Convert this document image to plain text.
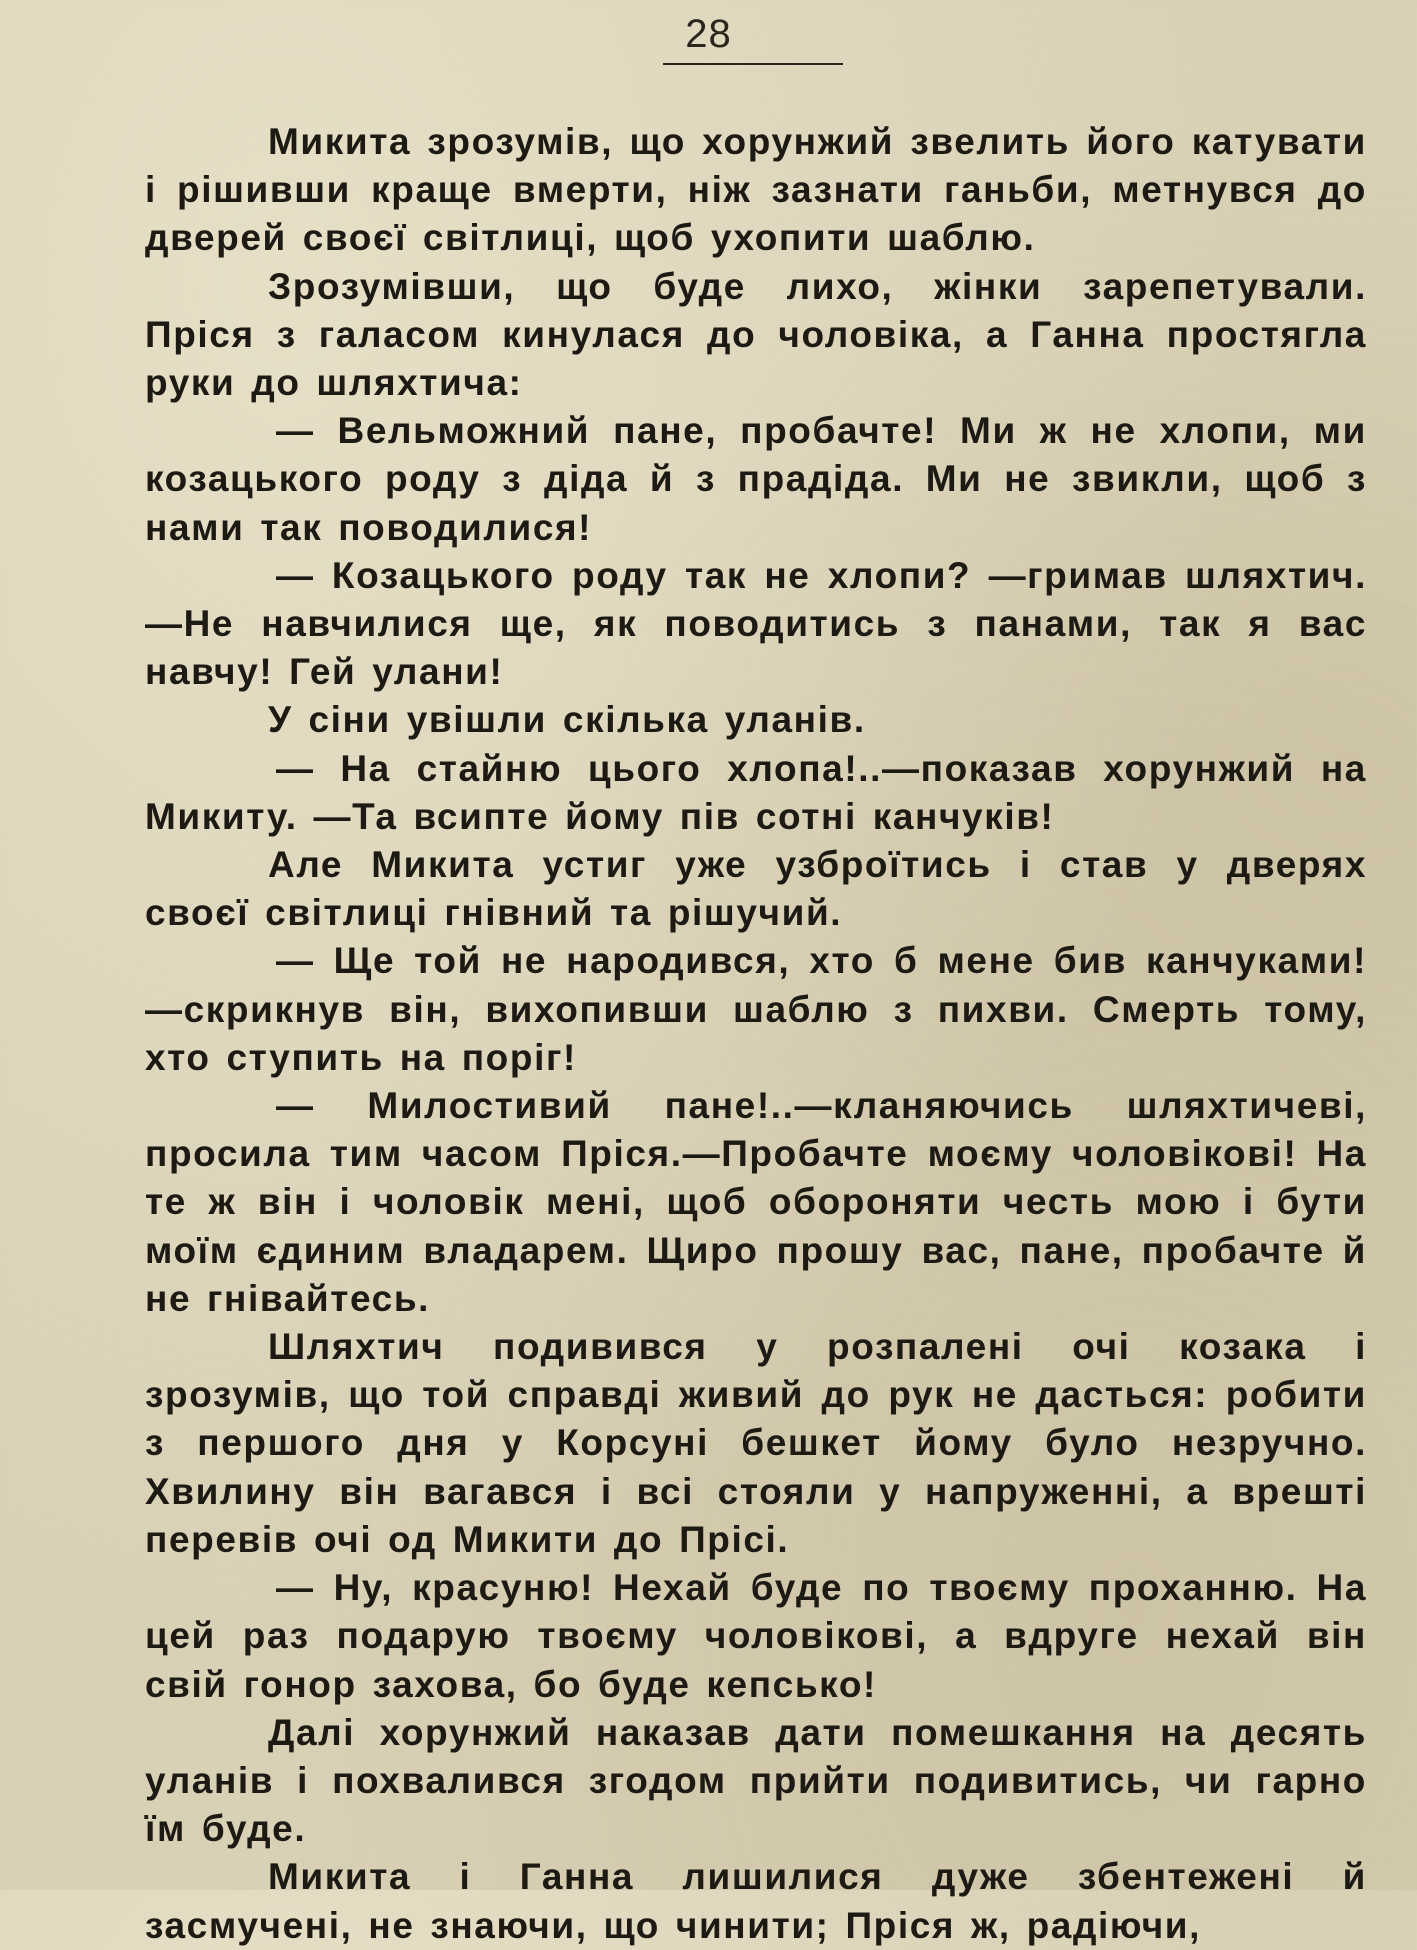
28

Микита зрозумів, що хорунжий звелить його катувати і рішивши краще вмерти, ніж зазнати ганьби, метнувся до дверей своєї світлиці, щоб ухопити шаблю.

Зрозумівши, що буде лихо, жінки зарепетували. Пріся з галасом кинулася до чоловіка, а Ганна простягла руки до шляхтича:

— Вельможний пане, пробачте! Ми ж не хлопи, ми козацького роду з діда й з прадіда. Ми не звикли, щоб з нами так поводилися!

— Козацького роду так не хлопи? —гримав шляхтич.—Не навчилися ще, як поводитись з панами, так я вас навчу! Гей улани!

У сіни увішли скілька уланів.

— На стайню цього хлопа!..—показав хорунжий на Микиту. —Та всипте йому пів сотні канчуків!

Але Микита устиг уже узброїтись і став у дверях своєї світлиці гнівний та рішучий.

— Ще той не народився, хто б мене бив канчуками!—скрикнув він, вихопивши шаблю з пихви. Смерть тому, хто ступить на поріг!

— Милостивий пане!..—кланяючись шляхтичеві, просила тим часом Пріся.—Пробачте моєму чоловікові! На те ж він і чоловік мені, щоб обороняти честь мою і бути моїм єдиним владарем. Щиро прошу вас, пане, пробачте й не гнівайтесь.

Шляхтич подивився у розпалені очі козака і зрозумів, що той справді живий до рук не дасться: робити з першого дня у Корсуні бешкет йому було незручно. Хвилину він вагався і всі стояли у напруженні, а врешті перевів очі од Микити до Прісі.

— Ну, красуню! Нехай буде по твоєму проханню. На цей раз подарую твоєму чоловікові, а вдруге нехай він свій гонор захова, бо буде кепсько!

Далі хорунжий наказав дати помешкання на десять уланів і похвалився згодом прийти подивитись, чи гарно їм буде.

Микита і Ганна лишилися дуже збентежені й засмучені, не знаючи, що чинити; Пріся ж, радіючи,
